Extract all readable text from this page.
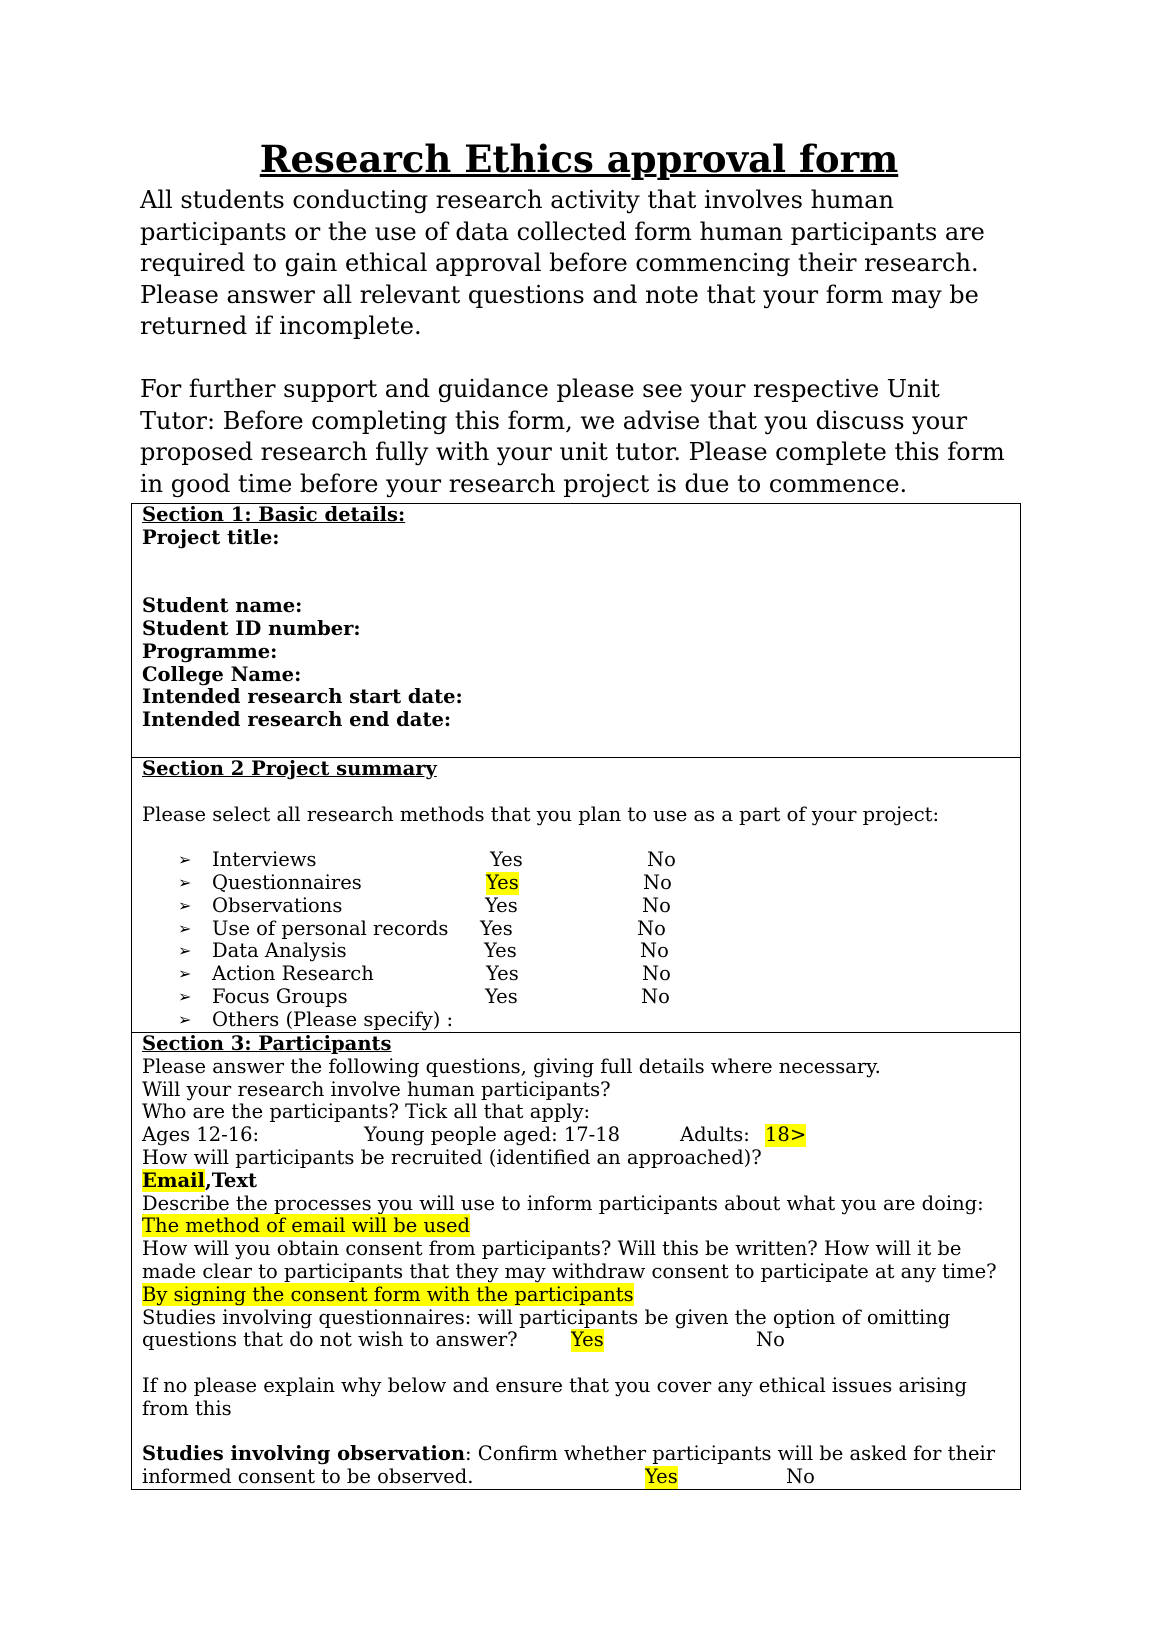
Research Ethics approval form

All students conducting research activity that involves human participants or the use of data collected form human participants are required to gain ethical approval before commencing their research. Please answer all relevant questions and note that your form may be returned if incomplete.

For further support and guidance please see your respective Unit Tutor: Before completing this form, we advise that you discuss your proposed research fully with your unit tutor. Please complete this form in good time before your research project is due to commence.

Section 1: Basic details:
Project title:
Student name:
Student ID number:
Programme:
College Name:
Intended research start date:
Intended research end date:
Section 2 Project summary
Please select all research methods that you plan to use as a part of your project:
➢ Interviews	Yes	No
➢ Questionnaires	Yes	No
➢ Observations	Yes	No
➢ Use of personal records Yes	No
➢ Data Analysis	Yes	No
➢ Action Research	Yes	No
➢ Focus Groups	Yes	No
➢ Others (Please specify) :
Section 3: Participants
Please answer the following questions, giving full details where necessary.
Will your research involve human participants?
Who are the participants? Tick all that apply:
Ages 12-16:	Young people aged: 17-18	Adults: 18>
How will participants be recruited (identified an approached)?
Email,Text
Describe the processes you will use to inform participants about what you are doing:
The method of email will be used
How will you obtain consent from participants? Will this be written? How will it be
made clear to participants that they may withdraw consent to participate at any time?
By signing the consent form with the participants
Studies involving questionnaires: will participants be given the option of omitting
questions that do not wish to answer?	Yes	No
If no please explain why below and ensure that you cover any ethical issues arising
from this
Studies involving observation: Confirm whether participants will be asked for their
informed consent to be observed.	Yes	No
